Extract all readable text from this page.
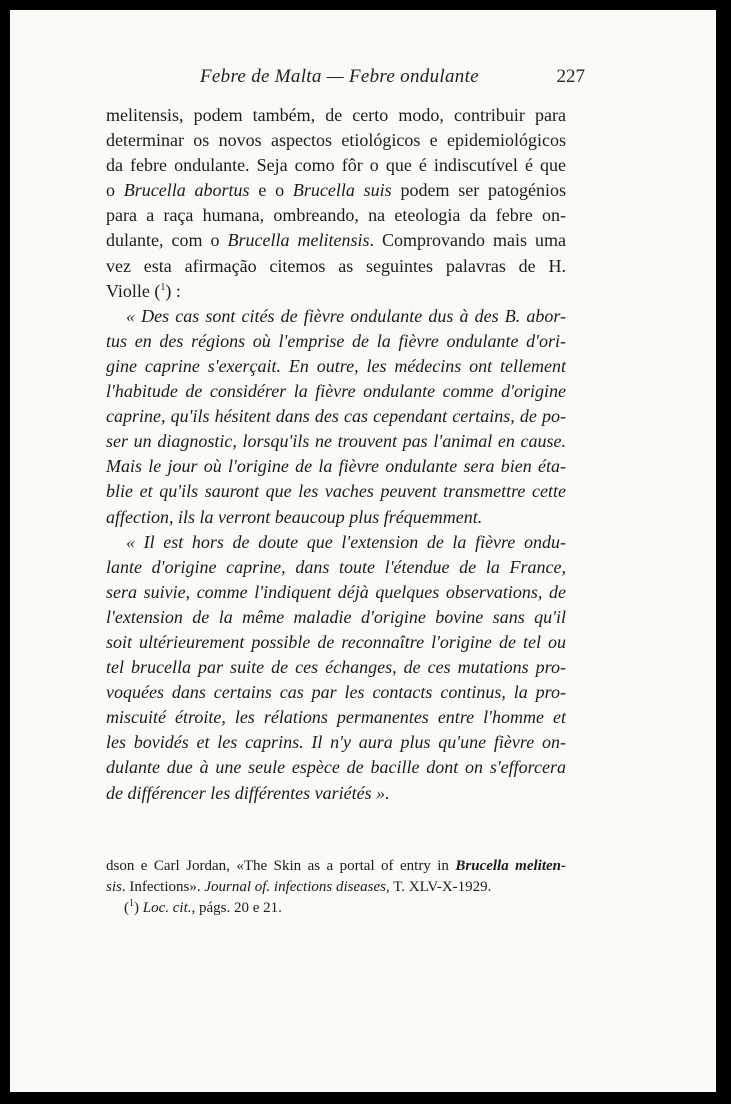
Febre de Malta — Febre ondulante	227
melitensis, podem também, de certo modo, contribuir para
determinar os novos aspectos etiológicos e epidemiológicos
da febre ondulante. Seja como fôr o que é indiscutível é que
o Brucella abortus e o Brucella suis podem ser patogénios
para a raça humana, ombreando, na eteologia da febre on-
dulante, com o Brucella melitensis. Comprovando mais uma
vez esta afirmação citemos as seguintes palavras de H.
Violle ($^1$) :
« Des cas sont cités de fièvre ondulante dus à des B. abor-
tus en des régions où l'emprise de la fièvre ondulante d'ori-
gine caprine s'exerçait. En outre, les médecins ont tellement
l'habitude de considérer la fièvre ondulante comme d'origine
caprine, qu'ils hésitent dans des cas cependant certains, de po-
ser un diagnostic, lorsqu'ils ne trouvent pas l'animal en cause.
Mais le jour où l'origine de la fièvre ondulante sera bien éta-
blie et qu'ils sauront que les vaches peuvent transmettre cette
affection, ils la verront beaucoup plus fréquemment.
« Il est hors de doute que l'extension de la fièvre ondu-
lante d'origine caprine, dans toute l'étendue de la France,
sera suivie, comme l'indiquent déjà quelques observations, de
l'extension de la même maladie d'origine bovine sans qu'il
soit ultérieurement possible de reconnaître l'origine de tel ou
tel brucella par suite de ces échanges, de ces mutations pro-
voquées dans certains cas par les contacts continus, la pro-
miscuité étroite, les rélations permanentes entre l'homme et
les bovidés et les caprins. Il n'y aura plus qu'une fièvre on-
dulante due à une seule espèce de bacille dont on s'efforcera
de différencer les différentes variétés ».
dson e Carl Jordan, «The Skin as a portal of entry in Brucella meliten-
sis. Infections». Journal of. infections diseases, T. XLV-X-1929.
($^1$) Loc. cit., págs. 20 e 21.
